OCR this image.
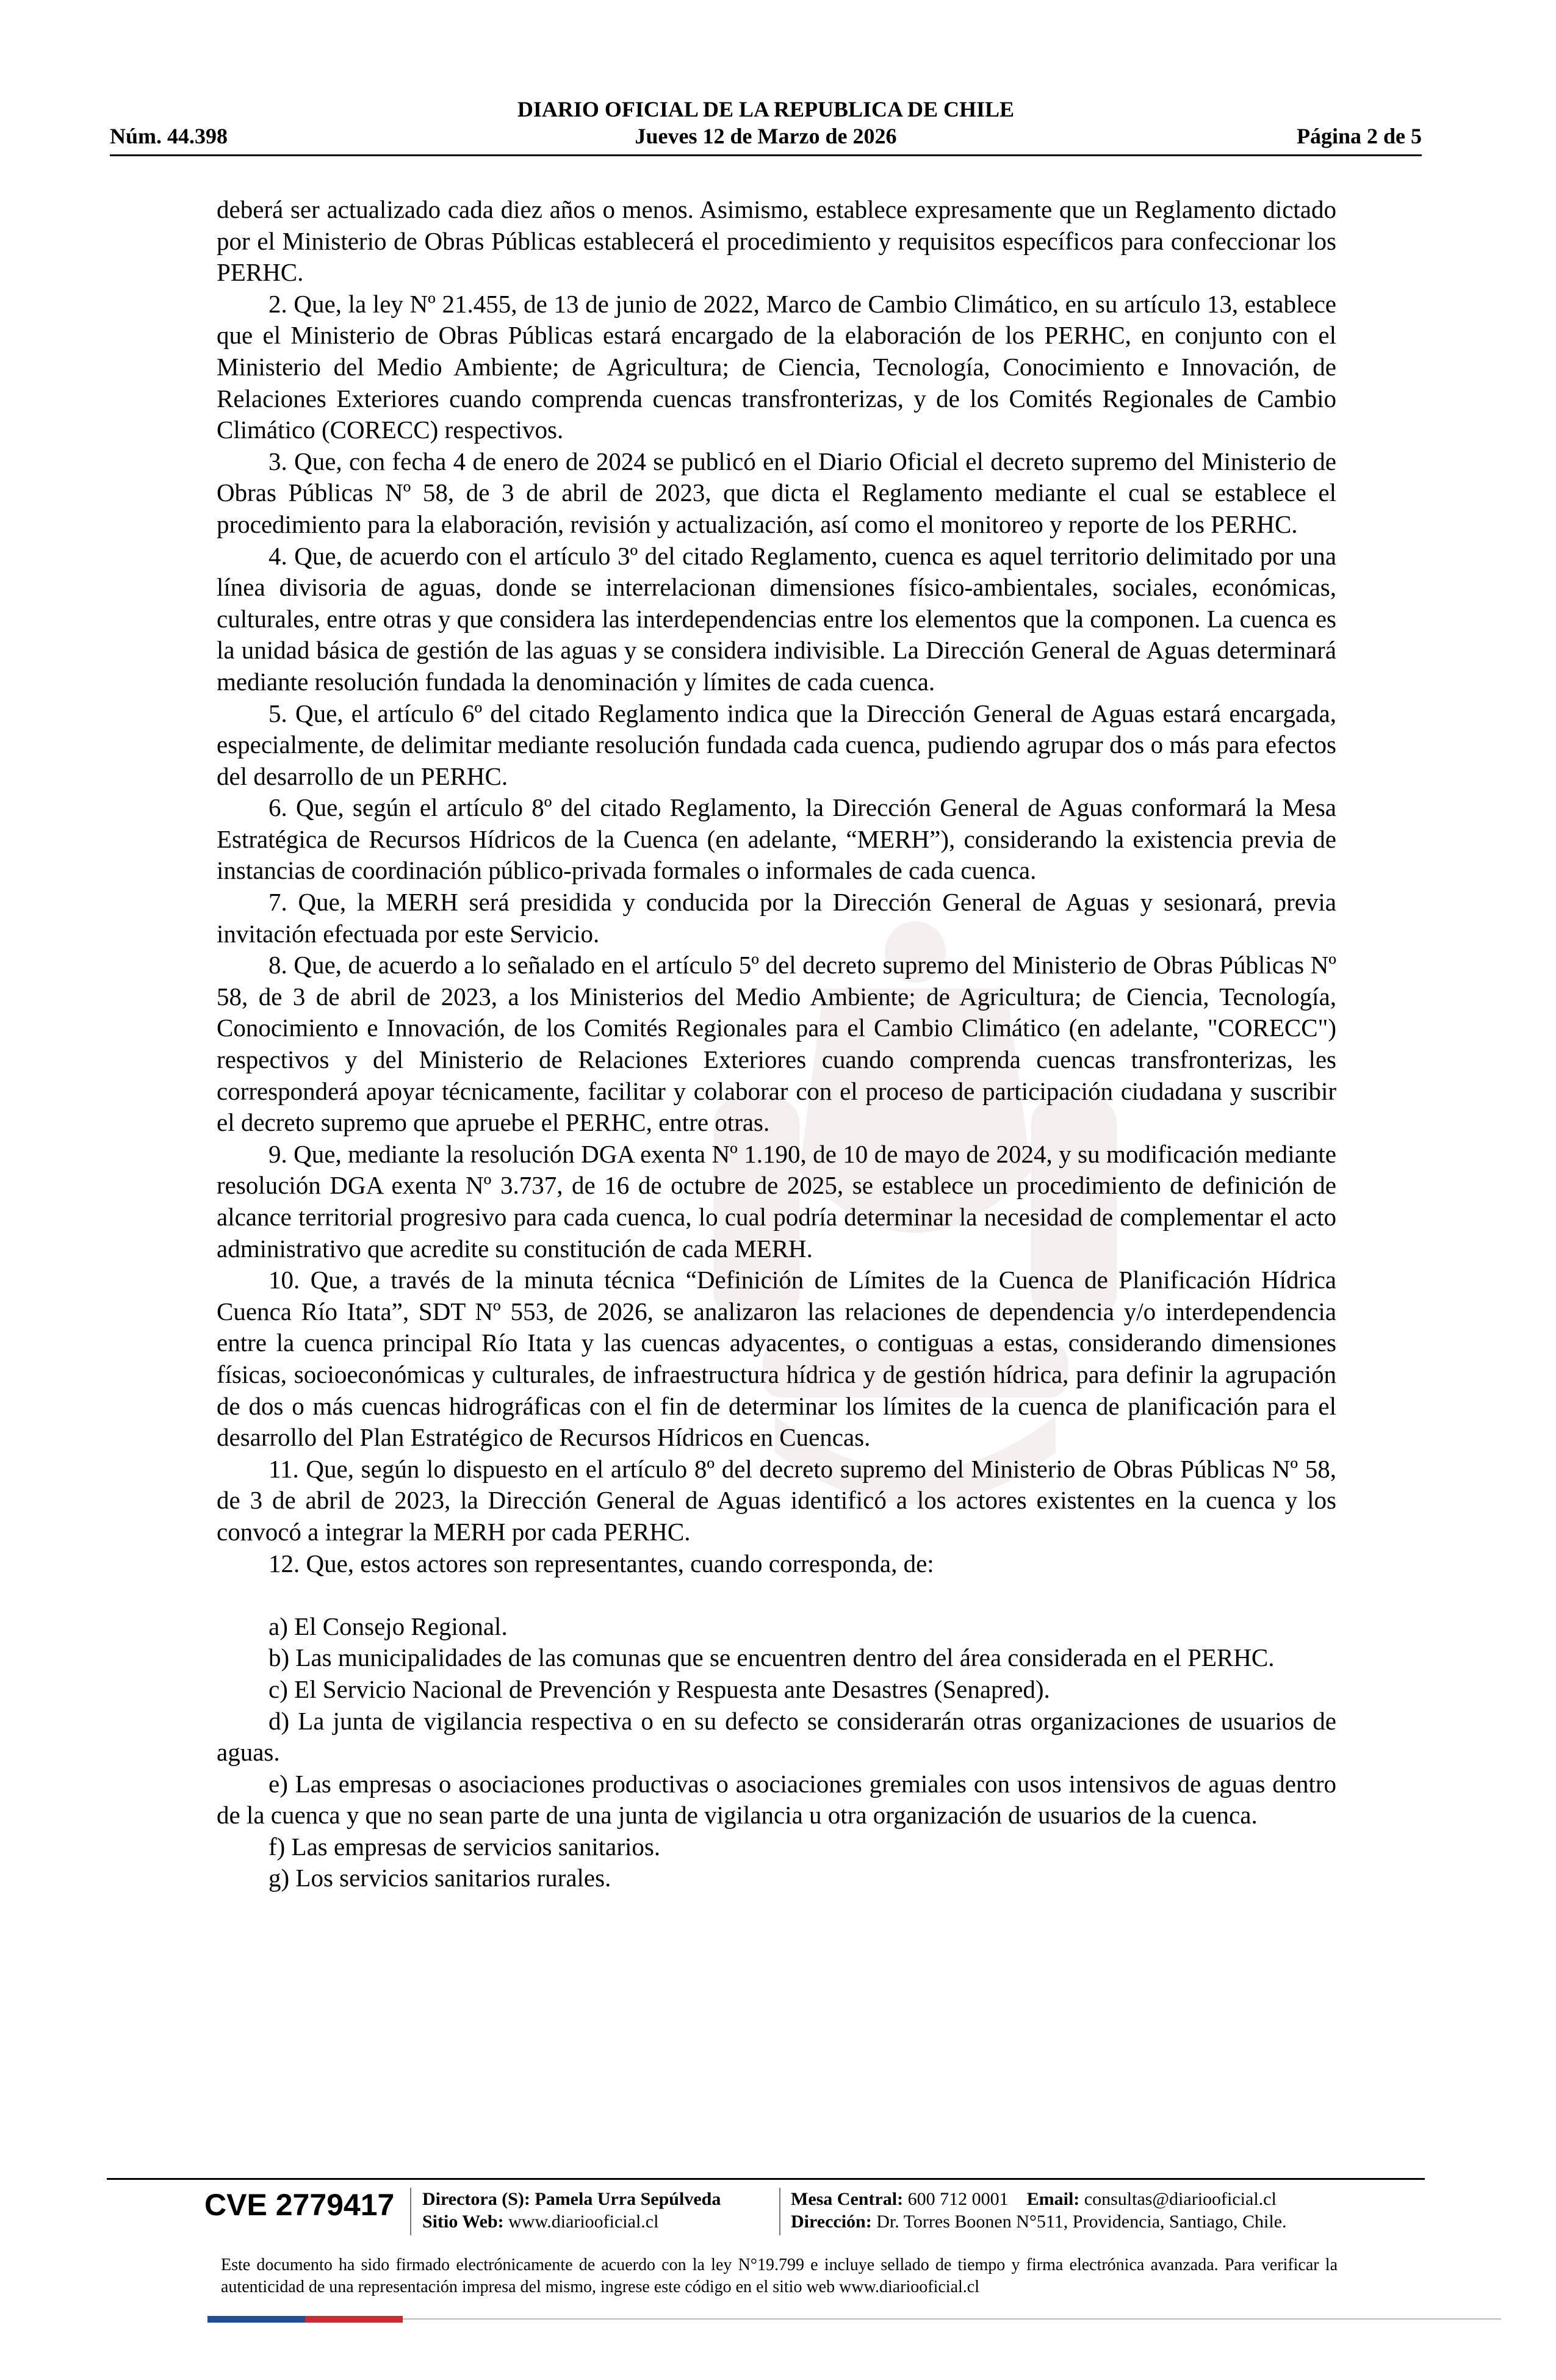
DIARIO OFICIAL DE LA REPUBLICA DE CHILE
Núm. 44.398	Jueves 12 de Marzo de 2026	Página 2 de 5

deberá ser actualizado cada diez años o menos. Asimismo, establece expresamente que un Reglamento dictado por el Ministerio de Obras Públicas establecerá el procedimiento y requisitos específicos para confeccionar los PERHC.

2. Que, la ley Nº 21.455, de 13 de junio de 2022, Marco de Cambio Climático, en su artículo 13, establece que el Ministerio de Obras Públicas estará encargado de la elaboración de los PERHC, en conjunto con el Ministerio del Medio Ambiente; de Agricultura; de Ciencia, Tecnología, Conocimiento e Innovación, de Relaciones Exteriores cuando comprenda cuencas transfronterizas, y de los Comités Regionales de Cambio Climático (CORECC) respectivos.

3. Que, con fecha 4 de enero de 2024 se publicó en el Diario Oficial el decreto supremo del Ministerio de Obras Públicas Nº 58, de 3 de abril de 2023, que dicta el Reglamento mediante el cual se establece el procedimiento para la elaboración, revisión y actualización, así como el monitoreo y reporte de los PERHC.

4. Que, de acuerdo con el artículo 3º del citado Reglamento, cuenca es aquel territorio delimitado por una línea divisoria de aguas, donde se interrelacionan dimensiones físico-ambientales, sociales, económicas, culturales, entre otras y que considera las interdependencias entre los elementos que la componen. La cuenca es la unidad básica de gestión de las aguas y se considera indivisible. La Dirección General de Aguas determinará mediante resolución fundada la denominación y límites de cada cuenca.

5. Que, el artículo 6º del citado Reglamento indica que la Dirección General de Aguas estará encargada, especialmente, de delimitar mediante resolución fundada cada cuenca, pudiendo agrupar dos o más para efectos del desarrollo de un PERHC.

6. Que, según el artículo 8º del citado Reglamento, la Dirección General de Aguas conformará la Mesa Estratégica de Recursos Hídricos de la Cuenca (en adelante, “MERH”), considerando la existencia previa de instancias de coordinación público-privada formales o informales de cada cuenca.

7. Que, la MERH será presidida y conducida por la Dirección General de Aguas y sesionará, previa invitación efectuada por este Servicio.

8. Que, de acuerdo a lo señalado en el artículo 5º del decreto supremo del Ministerio de Obras Públicas Nº 58, de 3 de abril de 2023, a los Ministerios del Medio Ambiente; de Agricultura; de Ciencia, Tecnología, Conocimiento e Innovación, de los Comités Regionales para el Cambio Climático (en adelante, "CORECC") respectivos y del Ministerio de Relaciones Exteriores cuando comprenda cuencas transfronterizas, les corresponderá apoyar técnicamente, facilitar y colaborar con el proceso de participación ciudadana y suscribir el decreto supremo que apruebe el PERHC, entre otras.

9. Que, mediante la resolución DGA exenta Nº 1.190, de 10 de mayo de 2024, y su modificación mediante resolución DGA exenta Nº 3.737, de 16 de octubre de 2025, se establece un procedimiento de definición de alcance territorial progresivo para cada cuenca, lo cual podría determinar la necesidad de complementar el acto administrativo que acredite su constitución de cada MERH.

10. Que, a través de la minuta técnica “Definición de Límites de la Cuenca de Planificación Hídrica Cuenca Río Itata”, SDT Nº 553, de 2026, se analizaron las relaciones de dependencia y/o interdependencia entre la cuenca principal Río Itata y las cuencas adyacentes, o contiguas a estas, considerando dimensiones físicas, socioeconómicas y culturales, de infraestructura hídrica y de gestión hídrica, para definir la agrupación de dos o más cuencas hidrográficas con el fin de determinar los límites de la cuenca de planificación para el desarrollo del Plan Estratégico de Recursos Hídricos en Cuencas.

11. Que, según lo dispuesto en el artículo 8º del decreto supremo del Ministerio de Obras Públicas Nº 58, de 3 de abril de 2023, la Dirección General de Aguas identificó a los actores existentes en la cuenca y los convocó a integrar la MERH por cada PERHC.

12. Que, estos actores son representantes, cuando corresponda, de:

a) El Consejo Regional.

b) Las municipalidades de las comunas que se encuentren dentro del área considerada en el PERHC.

c) El Servicio Nacional de Prevención y Respuesta ante Desastres (Senapred).

d) La junta de vigilancia respectiva o en su defecto se considerarán otras organizaciones de usuarios de aguas.

e) Las empresas o asociaciones productivas o asociaciones gremiales con usos intensivos de aguas dentro de la cuenca y que no sean parte de una junta de vigilancia u otra organización de usuarios de la cuenca.

f) Las empresas de servicios sanitarios.

g) Los servicios sanitarios rurales.

CVE 2779417 Directora (S): Pamela Urra Sepúlveda
Sitio Web: www.diariooficial.cl
Mesa Central: 600 712 0001 Email: consultas@diariooficial.cl
Dirección: Dr. Torres Boonen N°511, Providencia, Santiago, Chile.
Este documento ha sido firmado electrónicamente de acuerdo con la ley N°19.799 e incluye sellado de tiempo y firma electrónica avanzada. Para verificar la autenticidad de una representación impresa del mismo, ingrese este código en el sitio web www.diariooficial.cl
